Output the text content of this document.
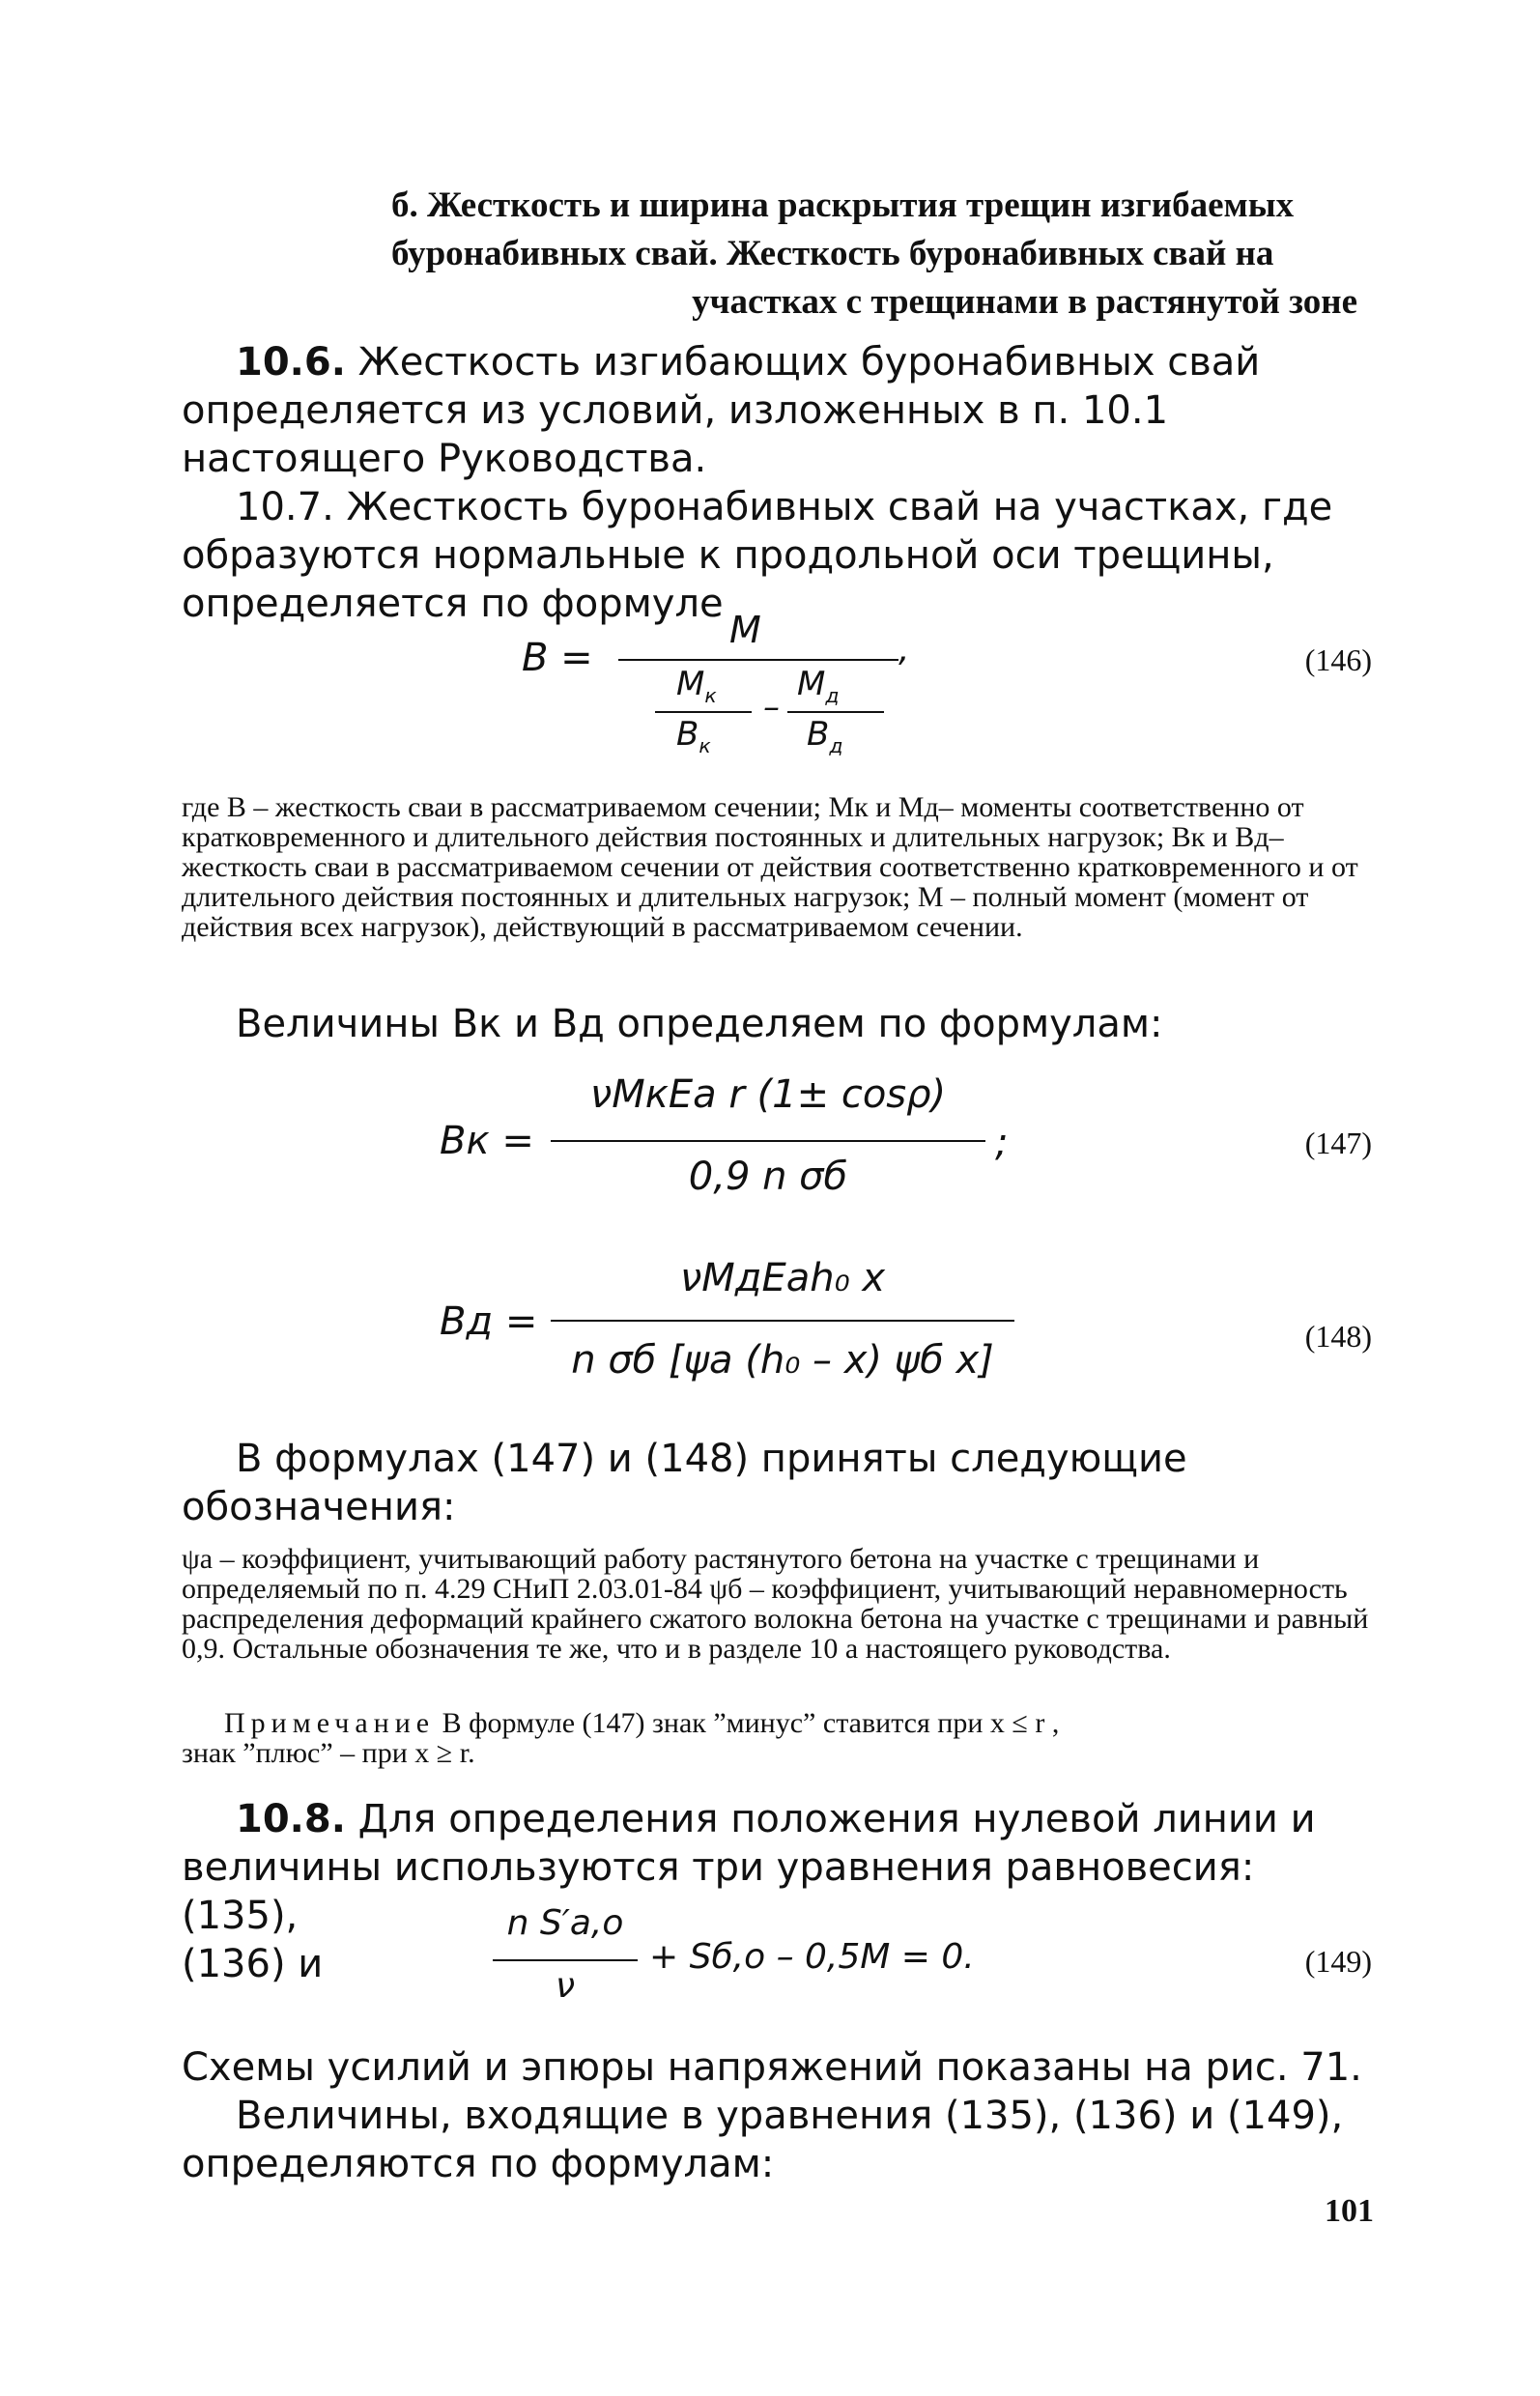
б. Жесткость и ширина раскрытия трещин изгибаемых
буронабивных свай. Жесткость буронабивных свай на
участках с трещинами в растянутой зоне

10.6. Жесткость изгибающих буронабивных свай определяется из условий, изложенных в п. 10.1 настоящего Руководства.

10.7. Жесткость буронабивных свай на участках, где образуются нормальные к продольной оси трещины, определяется по формуле

B =
M	,
$M_к$
$B_к$
–
$M_д$
$B_д$
(146)

где B – жесткость сваи в рассматриваемом сечении; Mк и Mд– моменты соответственно от кратковременного и длительного действия постоянных и длительных нагрузок; Bк и Bд– жесткость сваи в рассматриваемом сечении от действия соответственно кратковременного и от длительного действия постоянных и длительных нагрузок; M – полный момент (момент от действия всех нагрузок), действующий в рассматриваемом сечении.

Величины Bк и Bд определяем по формулам:

Bк =
νMкEа r (1± cosρ)
0,9 n σб
;	(147)
Bд =
νMдEаh₀ x
n σб [ψа (h₀ – x) ψб x]
(148)

В формулах (147) и (148) приняты следующие обозначения:

ψа – коэффициент, учитывающий работу растянутого бетона на участке с трещинами и определяемый по п. 4.29 СНиП 2.03.01-84 ψб – коэффициент, учитывающий неравномерность распределения деформаций крайнего сжатого волокна бетона на участке с трещинами и равный 0,9. Остальные обозначения те же, что и в разделе 10 а настоящего руководства.

Примечание В формуле (147) знак ”минус” ставится при x ≤ r ,

знак ”плюс” – при x ≥ r.

10.8. Для определения положения нулевой линии и величины используются три уравнения равновесия: (135),

(136) и

n S′а,о
ν
+ Sб,о – 0,5M = 0.	(149)

Схемы усилий и эпюры напряжений показаны на рис. 71.

Величины, входящие в уравнения (135), (136) и (149), определяются по формулам:

101
